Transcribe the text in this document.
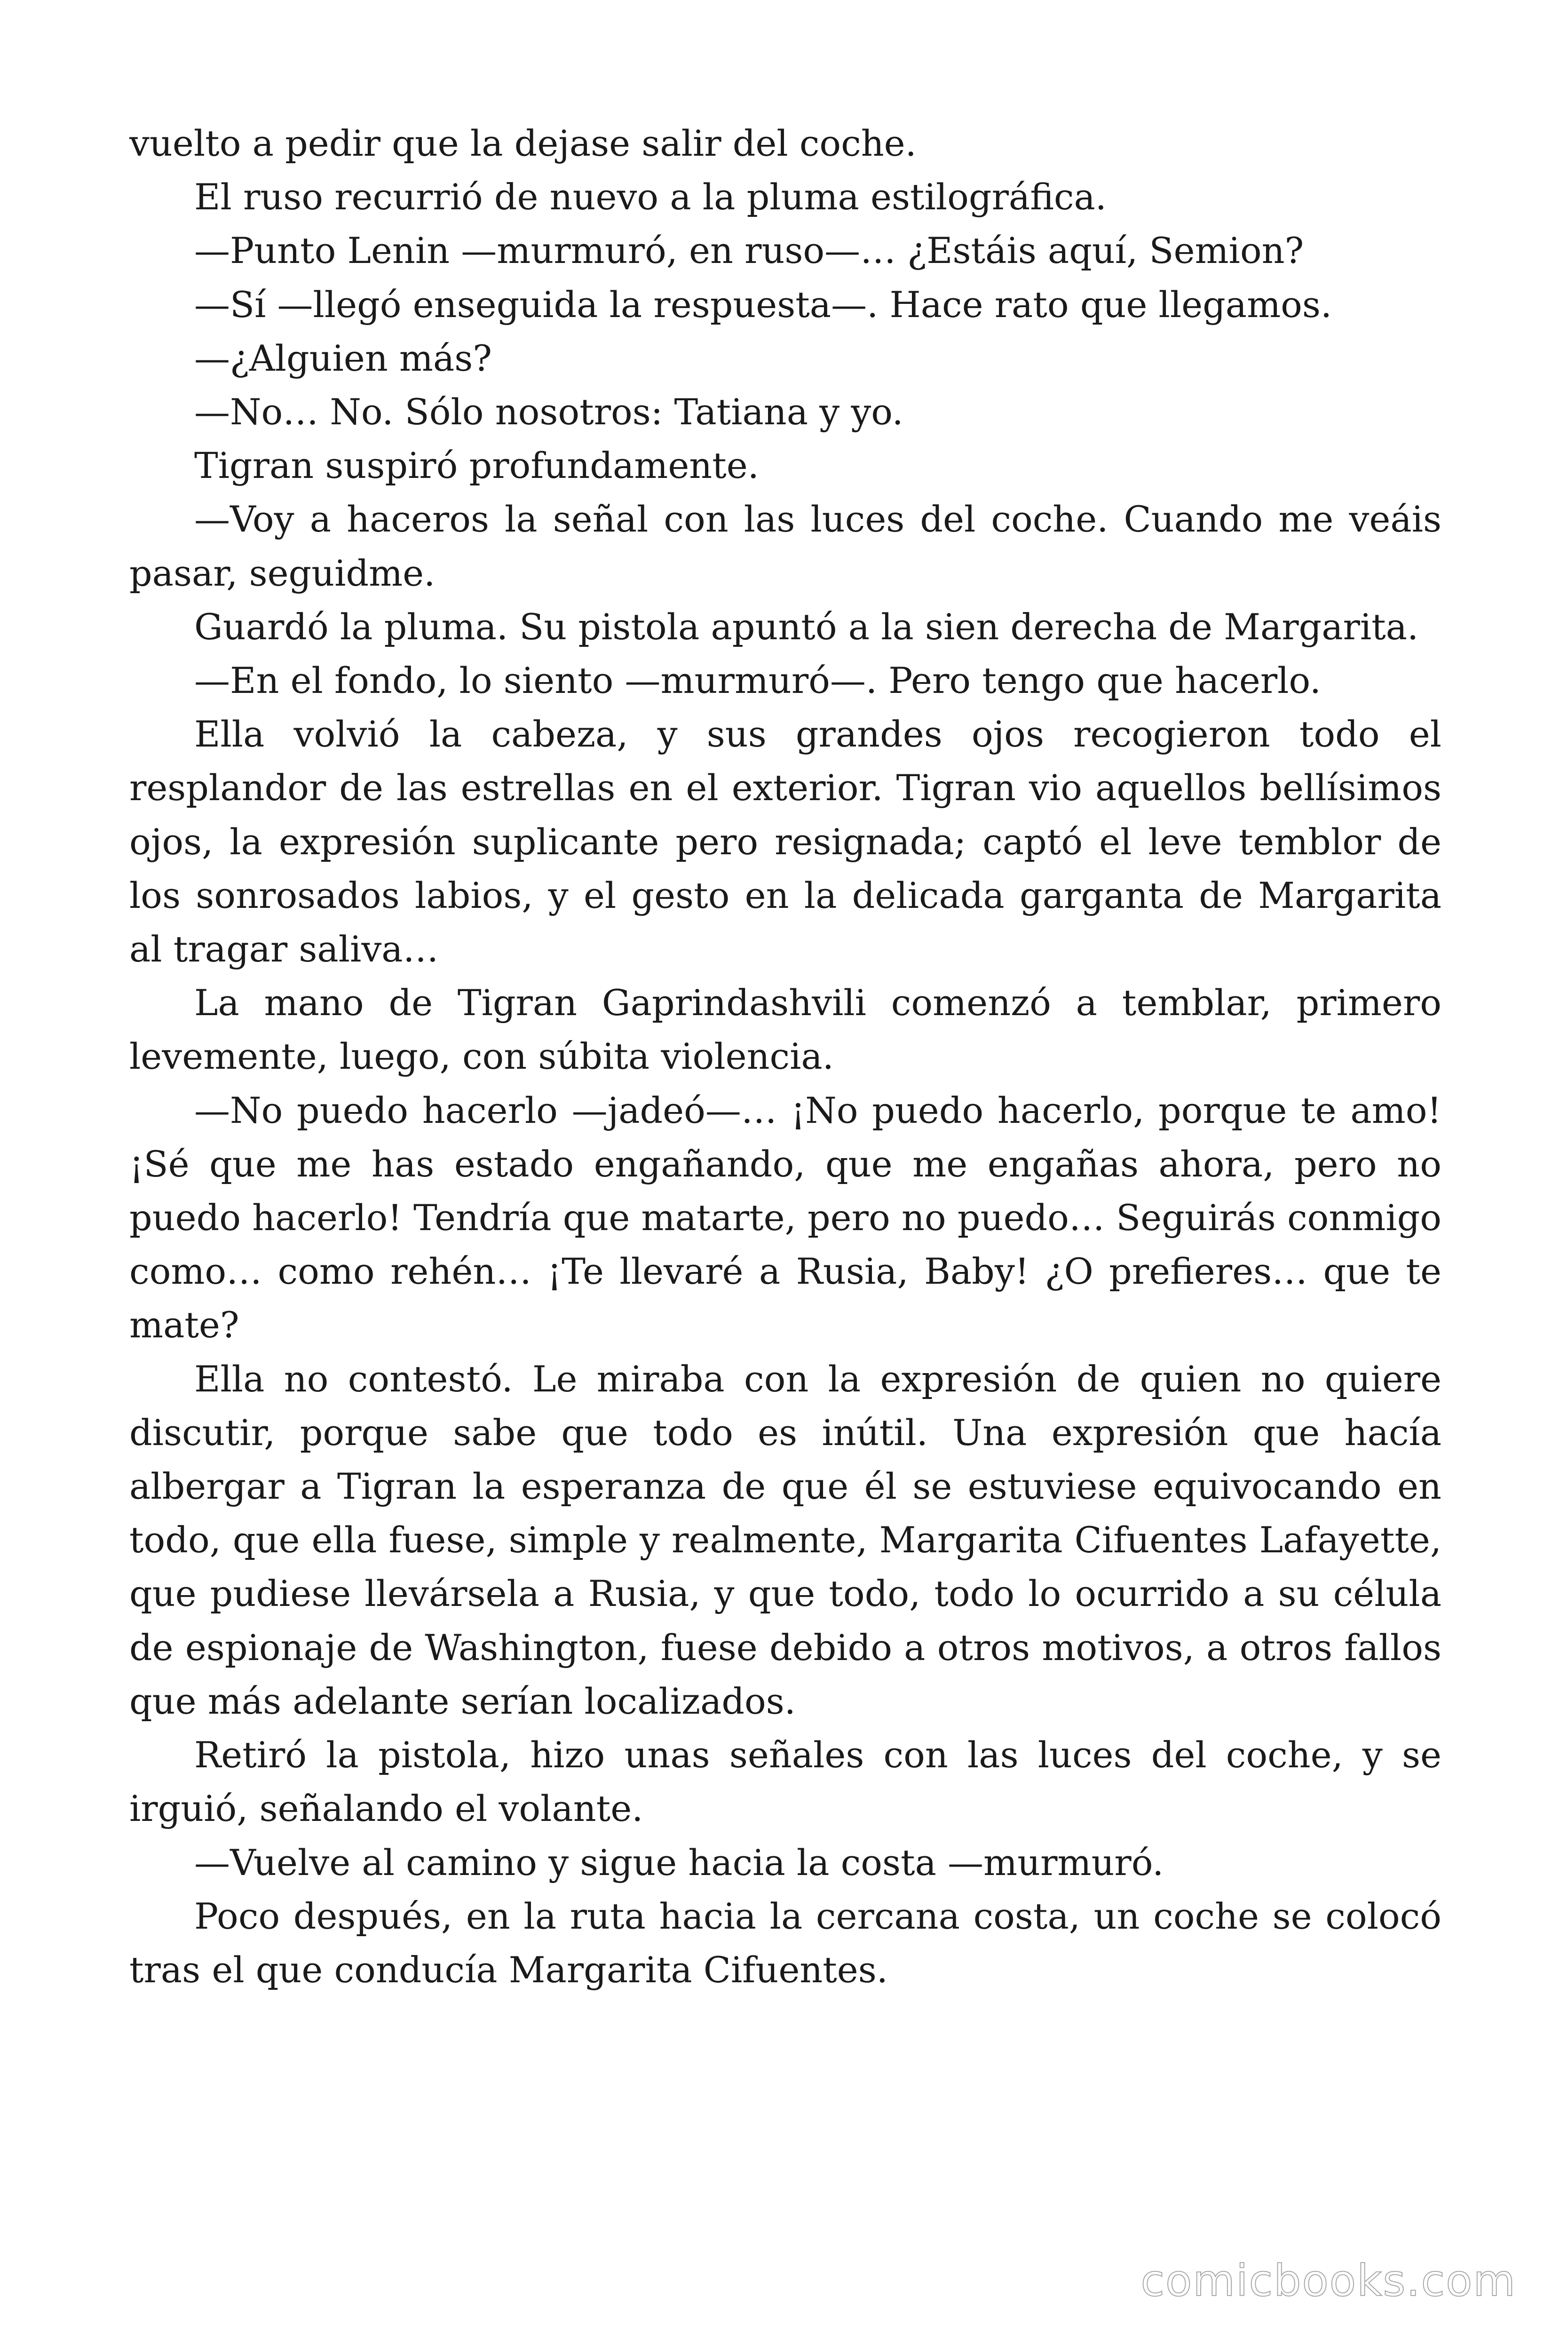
vuelto a pedir que la dejase salir del coche.

El ruso recurrió de nuevo a la pluma estilográfica.

—Punto Lenin —murmuró, en ruso—… ¿Estáis aquí, Semion?

—Sí —llegó enseguida la respuesta—. Hace rato que llegamos.

—¿Alguien más?

—No… No. Sólo nosotros: Tatiana y yo.

Tigran suspiró profundamente.

—Voy a haceros la señal con las luces del coche. Cuando me veáis pasar, seguidme.

Guardó la pluma. Su pistola apuntó a la sien derecha de Margarita.

—En el fondo, lo siento —murmuró—. Pero tengo que hacerlo.

Ella volvió la cabeza, y sus grandes ojos recogieron todo el resplandor de las estrellas en el exterior. Tigran vio aquellos bellísimos ojos, la expresión suplicante pero resignada; captó el leve temblor de los sonrosados labios, y el gesto en la delicada garganta de Margarita al tragar saliva…

La mano de Tigran Gaprindashvili comenzó a temblar, primero levemente, luego, con súbita violencia.

—No puedo hacerlo —jadeó—… ¡No puedo hacerlo, porque te amo! ¡Sé que me has estado engañando, que me engañas ahora, pero no puedo hacerlo! Tendría que matarte, pero no puedo… Seguirás conmigo como… como rehén… ¡Te llevaré a Rusia, Baby! ¿O prefieres… que te mate?

Ella no contestó. Le miraba con la expresión de quien no quiere discutir, porque sabe que todo es inútil. Una expresión que hacía albergar a Tigran la esperanza de que él se estuviese equivocando en todo, que ella fuese, simple y realmente, Margarita Cifuentes Lafayette, que pudiese llevársela a Rusia, y que todo, todo lo ocurrido a su célula de espionaje de Washington, fuese debido a otros motivos, a otros fallos que más adelante serían localizados.

Retiró la pistola, hizo unas señales con las luces del coche, y se irguió, señalando el volante.

—Vuelve al camino y sigue hacia la costa —murmuró.

Poco después, en la ruta hacia la cercana costa, un coche se colocó tras el que conducía Margarita Cifuentes.

comicbooks.com
